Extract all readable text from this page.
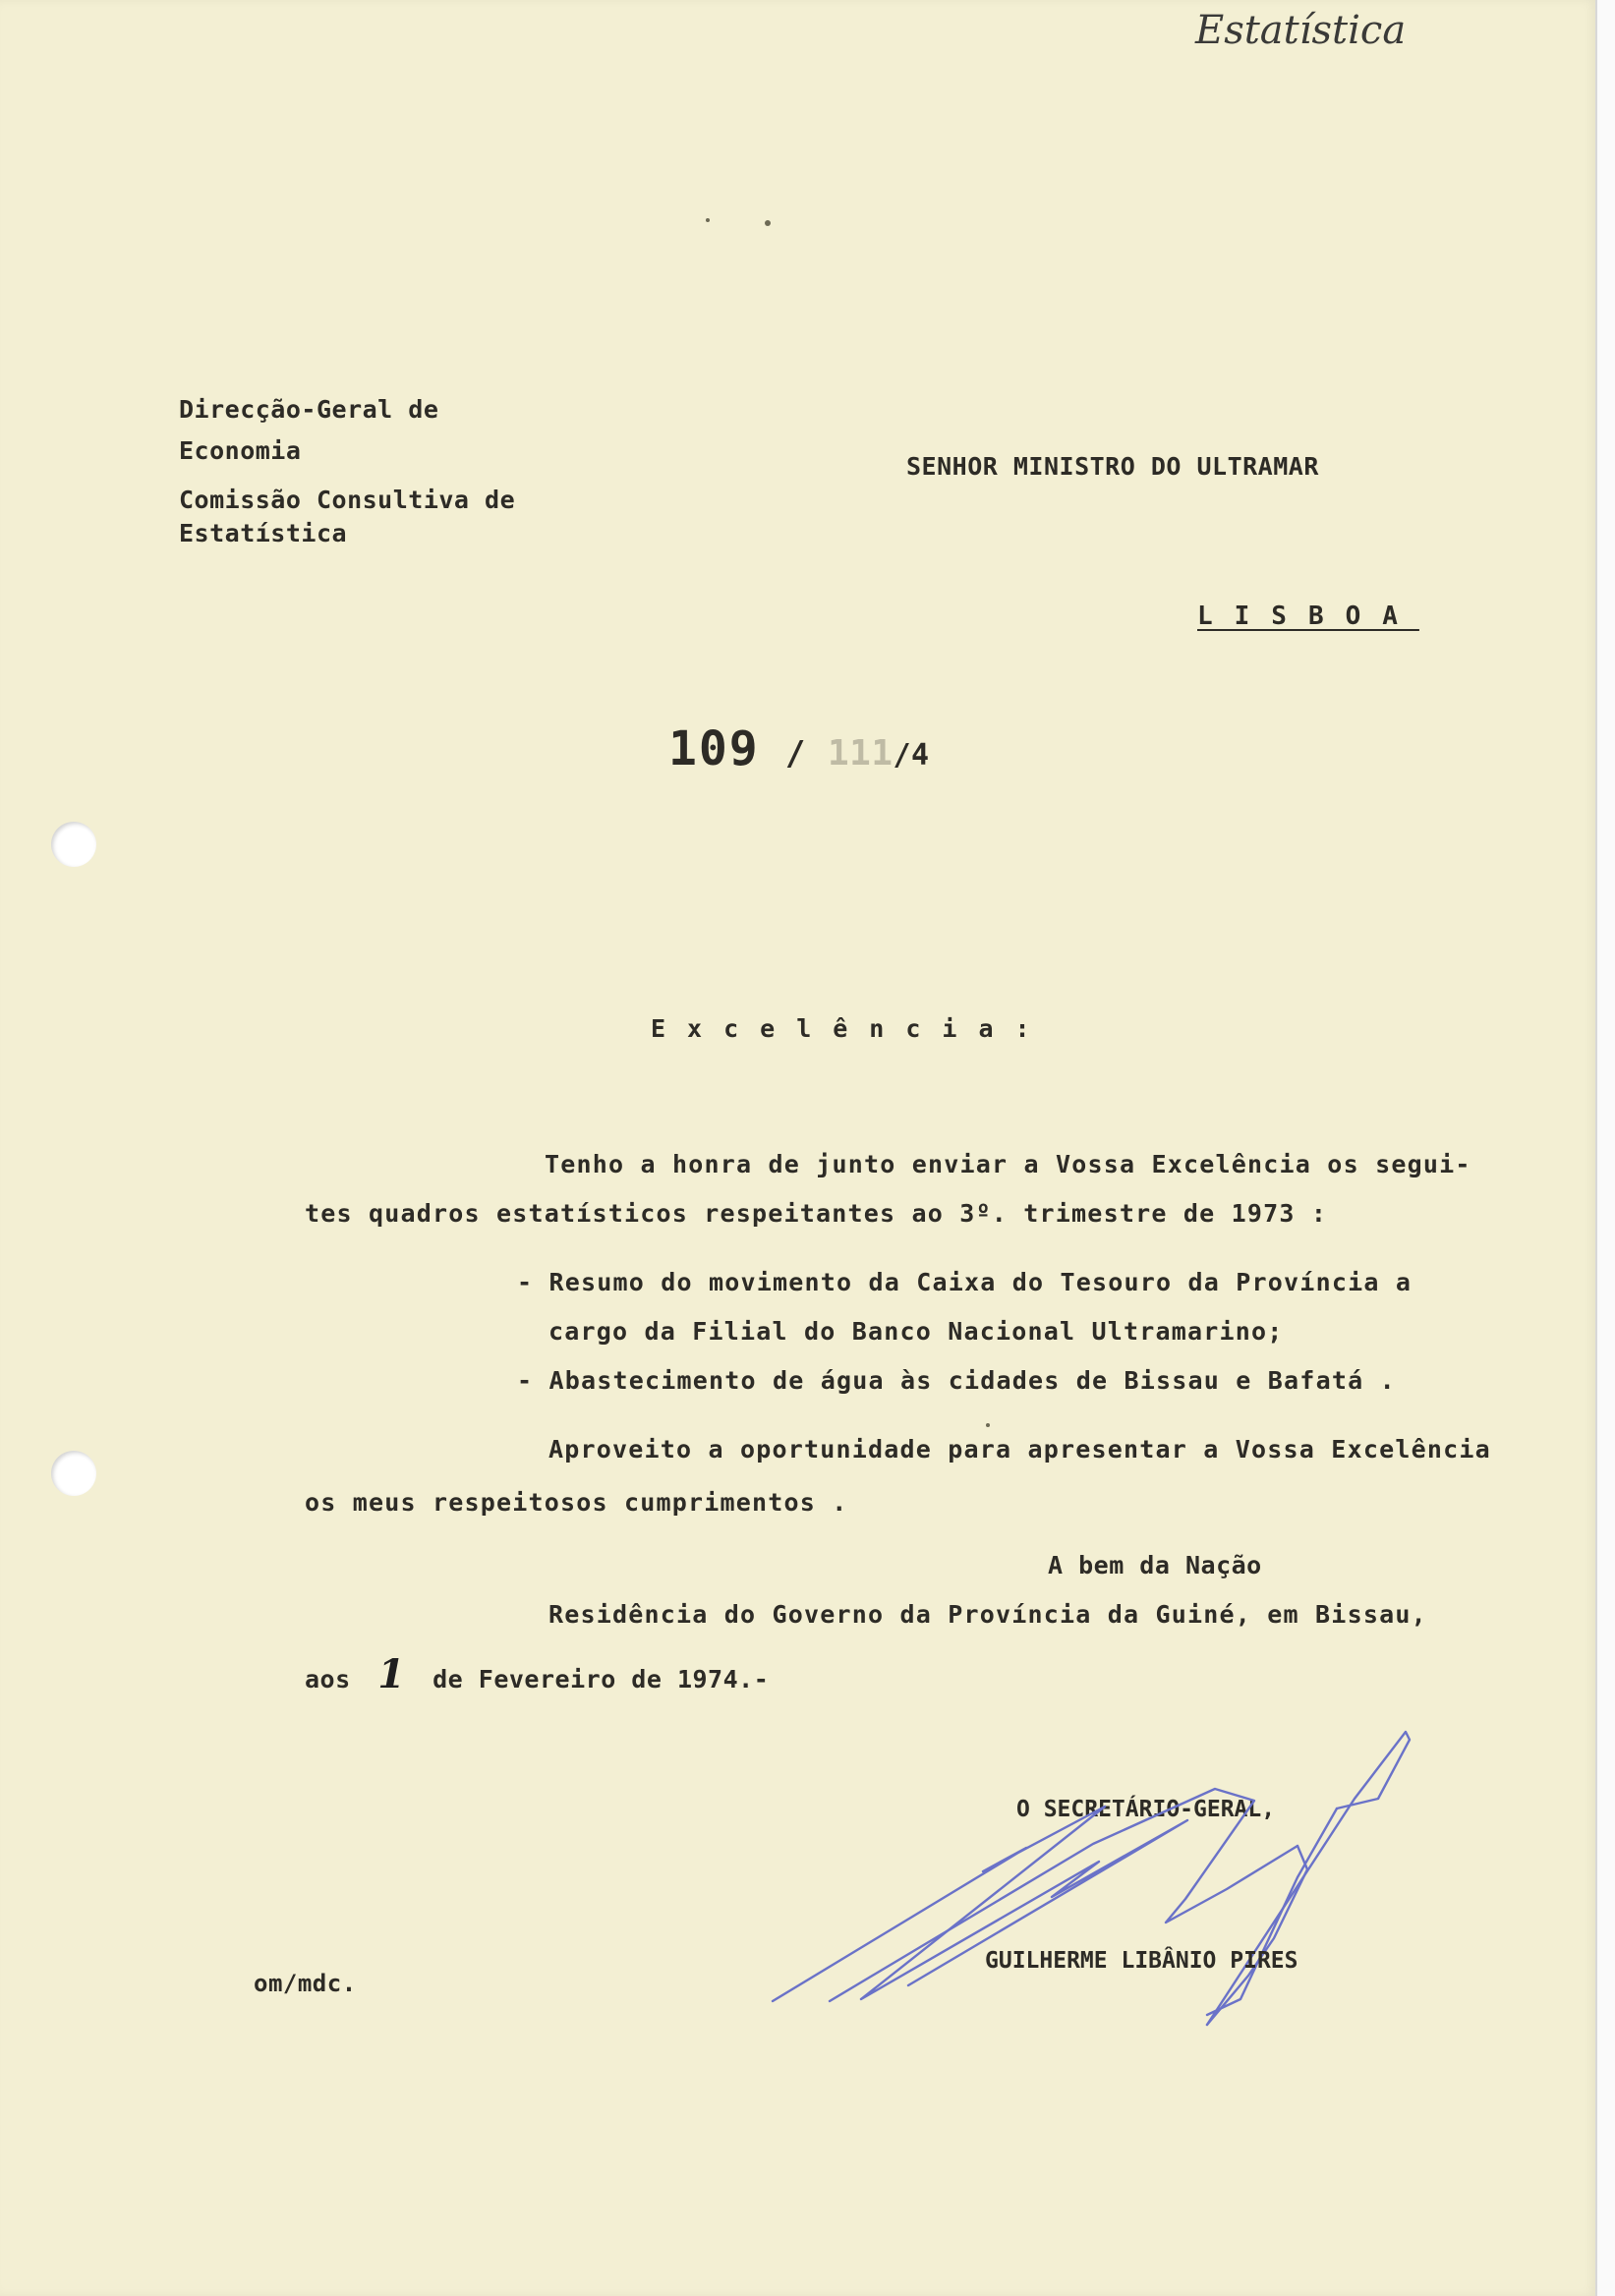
Estatística
Direcção-Geral de
Economia
Comissão Consultiva de
Estatística
SENHOR MINISTRO DO ULTRAMAR
LISBOA
109 / 111/4
Excelência:
Tenho a honra de junto enviar a Vossa Excelência os segui-
tes quadros estatísticos respeitantes ao 3º. trimestre de 1973 :
- Resumo do movimento da Caixa do Tesouro da Província a
cargo da Filial do Banco Nacional Ultramarino;
- Abastecimento de água às cidades de Bissau e Bafatá .
Aproveito a oportunidade para apresentar a Vossa Excelência
os meus respeitosos cumprimentos .
A bem da Nação
Residência do Governo da Província da Guiné, em Bissau,
aos 1 de Fevereiro de 1974.-
O SECRETÁRIO-GERAL,
GUILHERME LIBÂNIO PIRES
om/mdc.
